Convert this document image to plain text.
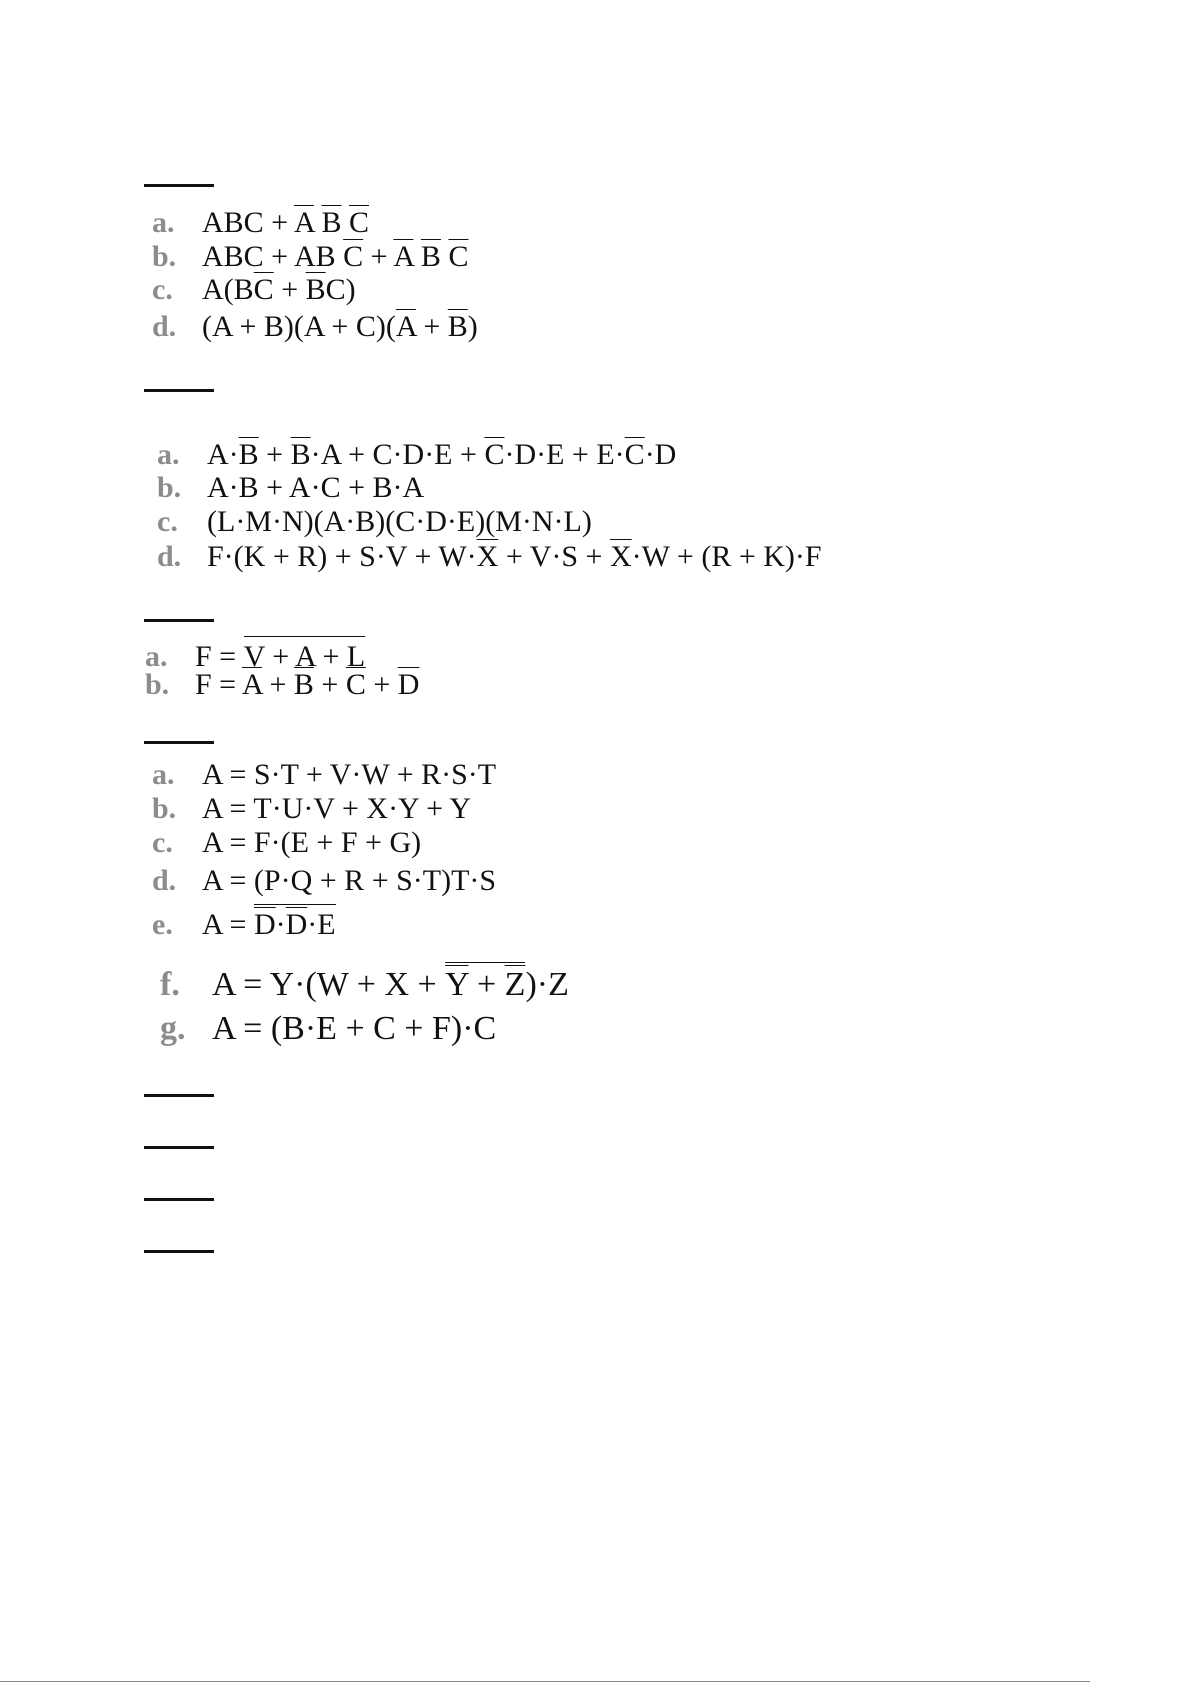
a. ABC + $\overline{A}$ $\overline{B}$ $\overline{C}$
b. ABC + AB $\overline{C} + \overline{A}$ $\overline{B}$ $\overline{C}$
c. $A(B\overline{C} + \overline{B}C)$
d. $(A + B)(A + C)(\overline{A} + \overline{B})$
a. $A\cdot\overline{B} + \overline{B}\cdot A + C\cdot D\cdot E + \overline{C}\cdot D\cdot E + E\cdot\overline{C}\cdot D$
b. A·B + A·C + B·A
c. (L·M·N)(A·B)(C·D·E)(M·N·L)
d. $F\cdot(K + R) + S\cdot V + W\cdot\overline{X} + V\cdot S + \overline{X}\cdot W + (R + K)\cdot F$
a. F = V + A + L
b. $F = \overline{A} + \overline{B} + \overline{C} + \overline{D}$
a. A = S·T + V·W + R·S·T
b. A = T·U·V + X·Y + Y
c. A = F·(E + F + G)
d. A = (P·Q + R + S·T)T·S
e. $A = \overline{D}\cdot\overline{D}\cdot E$
f. $A = Y\cdot(W + X + \overline{Y} + \overline{Z})\cdot Z$
g. A = (B·E + C + F)·C
